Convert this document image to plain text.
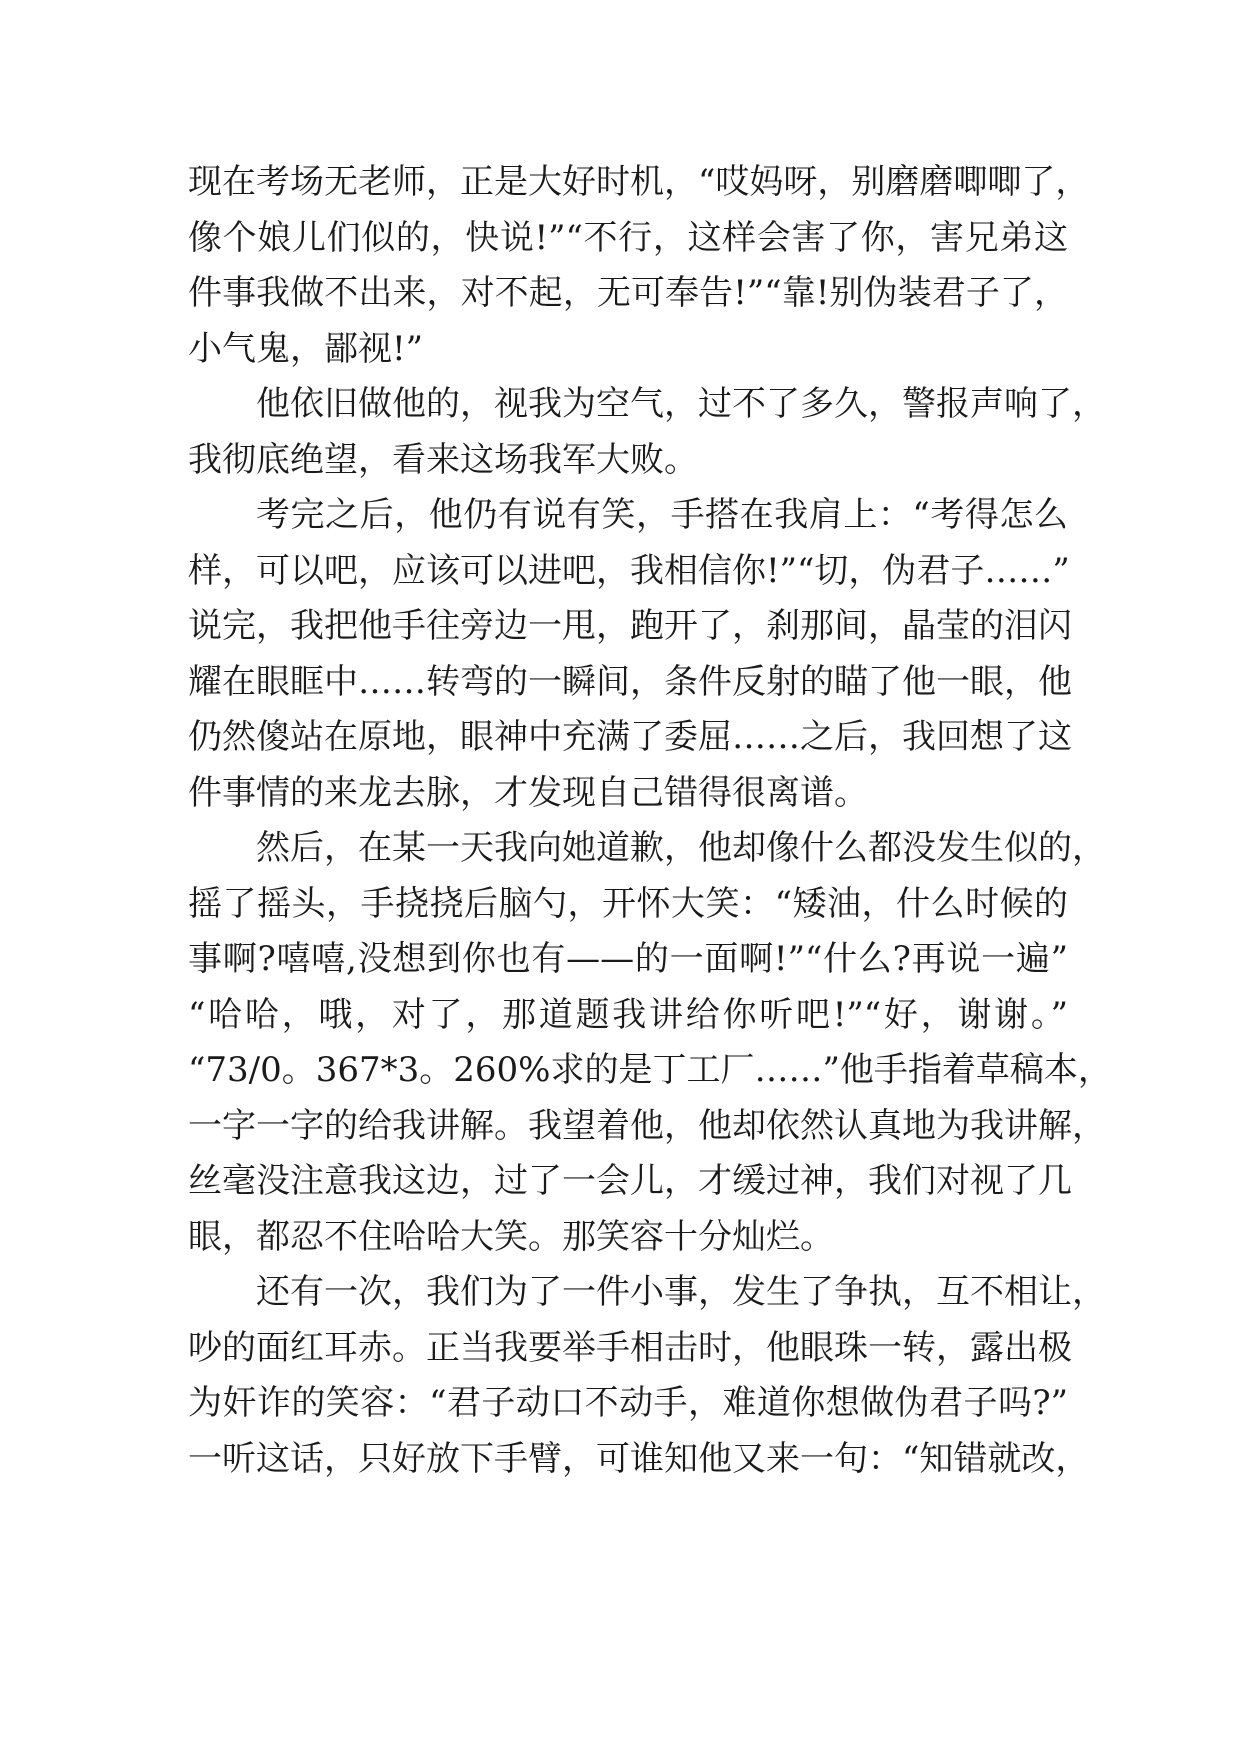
现在考场无老师，正是大好时机，“哎妈呀，别磨磨唧唧了，
像个娘儿们似的，快说!”“不行，这样会害了你，害兄弟这
件事我做不出来，对不起，无可奉告!”“靠!别伪装君子了，
小气鬼，鄙视!”
他依旧做他的，视我为空气，过不了多久，警报声响了，
我彻底绝望，看来这场我军大败。
考完之后，他仍有说有笑，手搭在我肩上：“考得怎么
样，可以吧，应该可以进吧，我相信你!”“切，伪君子……”
说完，我把他手往旁边一甩，跑开了，刹那间，晶莹的泪闪
耀在眼眶中……转弯的一瞬间，条件反射的瞄了他一眼，他
仍然傻站在原地，眼神中充满了委屈……之后，我回想了这
件事情的来龙去脉，才发现自己错得很离谱。
然后，在某一天我向她道歉，他却像什么都没发生似的，
摇了摇头，手挠挠后脑勺，开怀大笑：“矮油，什么时候的
事啊?嘻嘻,没想到你也有——的一面啊!”“什么?再说一遍”
“哈哈，哦，对了，那道题我讲给你听吧!”“好，谢谢。”
“73/0。367*3。260%求的是丁工厂……”他手指着草稿本，
一字一字的给我讲解。我望着他，他却依然认真地为我讲解，
丝毫没注意我这边，过了一会儿，才缓过神，我们对视了几
眼，都忍不住哈哈大笑。那笑容十分灿烂。
还有一次，我们为了一件小事，发生了争执，互不相让，
吵的面红耳赤。正当我要举手相击时，他眼珠一转，露出极
为奸诈的笑容：“君子动口不动手，难道你想做伪君子吗?”
一听这话，只好放下手臂，可谁知他又来一句：“知错就改，
